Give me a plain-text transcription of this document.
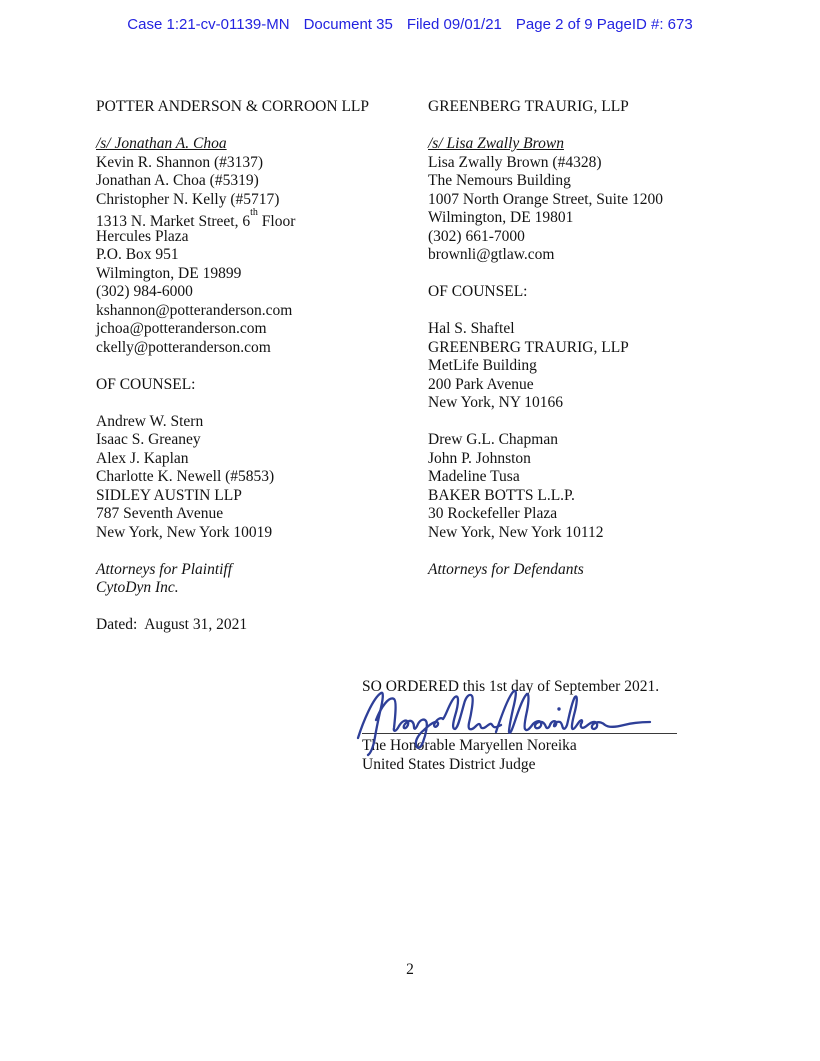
Case 1:21-cv-01139-MN Document 35 Filed 09/01/21 Page 2 of 9 PageID #: 673
POTTER ANDERSON & CORROON LLP
/s/ Jonathan A. Choa
Kevin R. Shannon (#3137)
Jonathan A. Choa (#5319)
Christopher N. Kelly (#5717)
1313 N. Market Street, 6th Floor
Hercules Plaza
P.O. Box 951
Wilmington, DE 19899
(302) 984-6000
kshannon@potteranderson.com
jchoa@potteranderson.com
ckelly@potteranderson.com
OF COUNSEL:
Andrew W. Stern
Isaac S. Greaney
Alex J. Kaplan
Charlotte K. Newell (#5853)
SIDLEY AUSTIN LLP
787 Seventh Avenue
New York, New York 10019
Attorneys for Plaintiff
CytoDyn Inc.
Dated:  August 31, 2021
GREENBERG TRAURIG, LLP
/s/ Lisa Zwally Brown
Lisa Zwally Brown (#4328)
The Nemours Building
1007 North Orange Street, Suite 1200
Wilmington, DE 19801
(302) 661-7000
brownli@gtlaw.com
OF COUNSEL:
Hal S. Shaftel
GREENBERG TRAURIG, LLP
MetLife Building
200 Park Avenue
New York, NY 10166
Drew G.L. Chapman
John P. Johnston
Madeline Tusa
BAKER BOTTS L.L.P.
30 Rockefeller Plaza
New York, New York 10112
Attorneys for Defendants
SO ORDERED this 1st day of September 2021.
The Honorable Maryellen Noreika
United States District Judge
2
